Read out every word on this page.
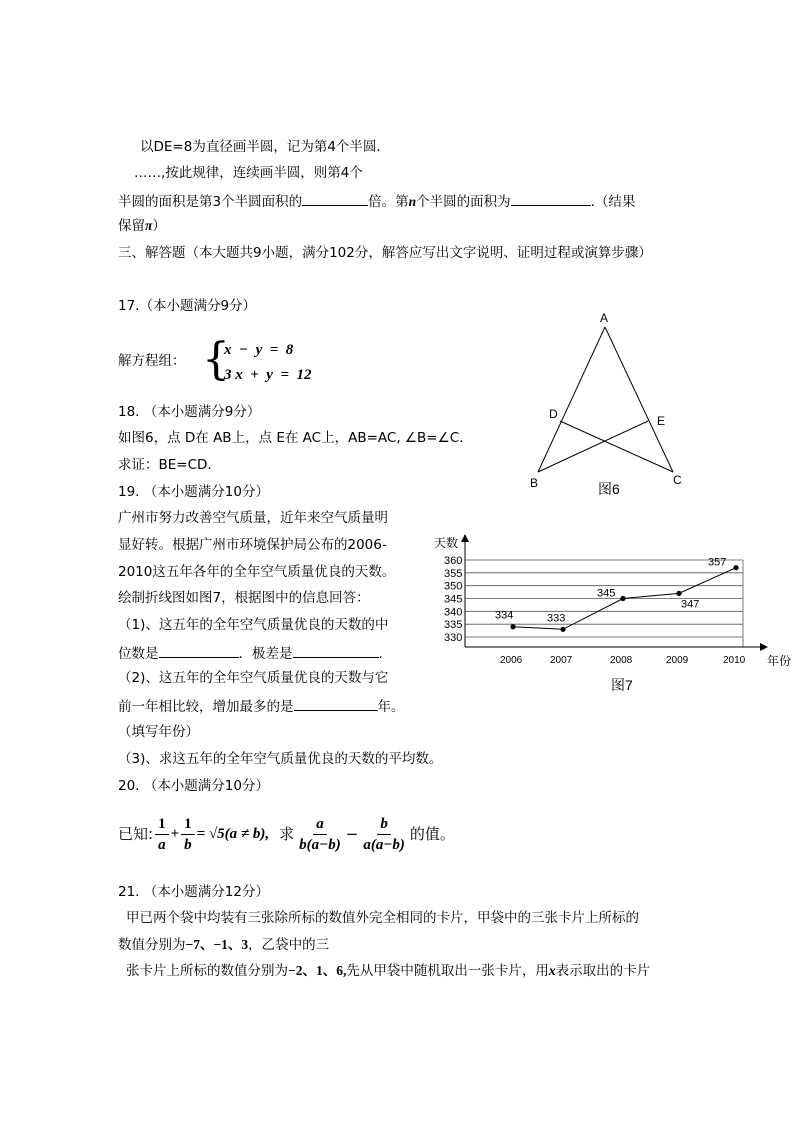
以DE=8为直径画半圆，记为第4个半圆.
……,按此规律，连续画半圆，则第4个
半圆的面积是第3个半圆面积的	倍。第n个半圆的面积为	.（结果
保留π）
三、解答题（本大题共9小题，满分102分，解答应写出文字说明、证明过程或演算步骤）
17.（本小题满分9分）
解方程组： {
x  −  y  =  8
3 x  +  y  =  12
18. （本小题满分9分）
如图6，点 D在 AB上，点 E在 AC上，AB=AC, ∠B=∠C.
求证：BE=CD.
A
D	E
B	C
图6
19. （本小题满分10分）
广州市努力改善空气质量，近年来空气质量明
显好转。根据广州市环境保护局公布的2006-
2010这五年各年的全年空气质量优良的天数。
绘制折线图如图7，根据图中的信息回答：
（1)、这五年的全年空气质量优良的天数的中
位数是	．极差是	.
（2)、这五年的全年空气质量优良的天数与它
前一年相比较，增加最多的是	年。
（填写年份）
（3)、求这五年的全年空气质量优良的天数的平均数。
330
335
340
345
350
355
360
2006	2007	2008	2009	2010
天数
年份
图7
334	333
345
347
357
20. （本小题满分10分）
已知: $\frac{1}{a} + \frac{1}{b} = √5(a \ne b)$, 求 $\frac{a}{b(a-b)} - \frac{b}{a(a-b)}$ 的值。
21. （本小题满分12分）
甲已两个袋中均装有三张除所标的数值外完全相同的卡片，甲袋中的三张卡片上所标的
数值分别为−7、−1、3，乙袋中的三
张卡片上所标的数值分别为−2、1、6,先从甲袋中随机取出一张卡片，用x表示取出的卡片
